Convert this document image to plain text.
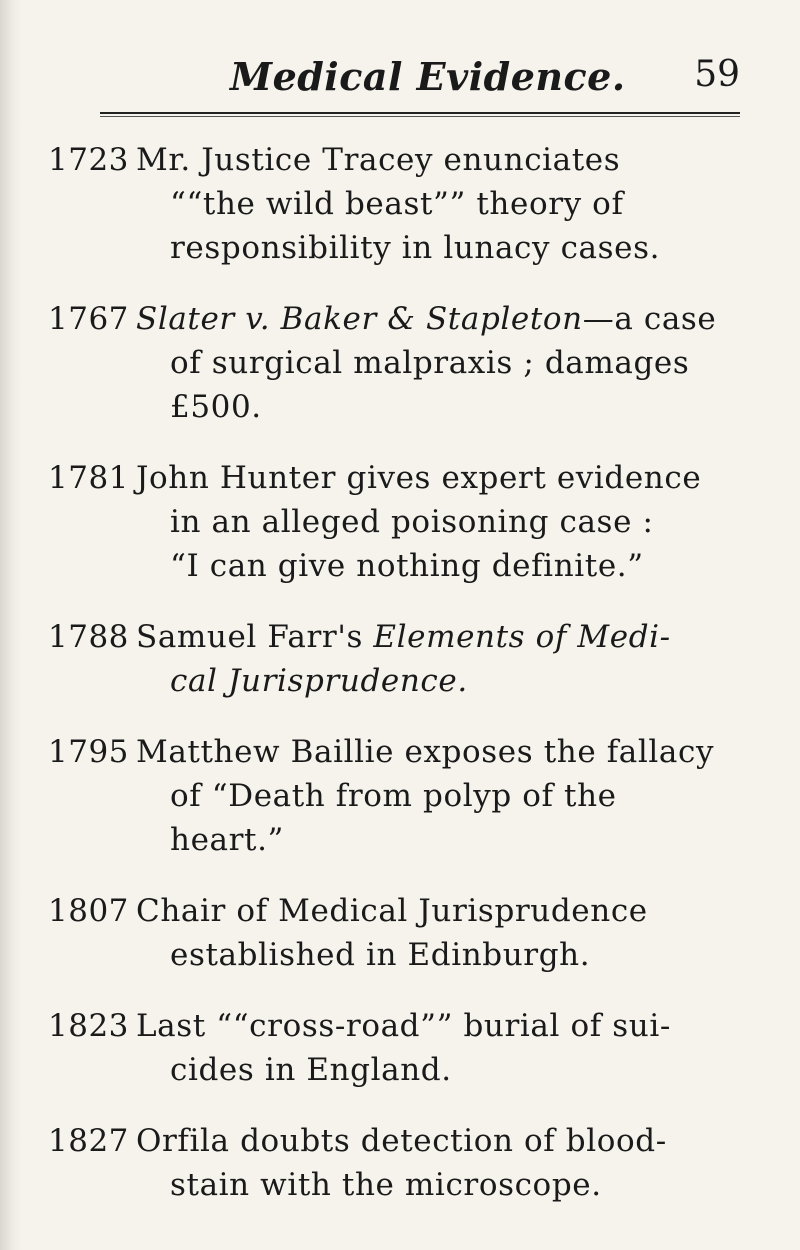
Medical Evidence. 59
1723 Mr. Justice Tracey enunciates
““the wild beast”” theory of
responsibility in lunacy cases.
1767 Slater v. Baker & Stapleton—a case
of surgical malpraxis ; damages
£500.
1781 John Hunter gives expert evidence
in an alleged poisoning case :
“I can give nothing definite.”
1788 Samuel Farr's Elements of Medi-
cal Jurisprudence.
1795 Matthew Baillie exposes the fallacy
of “Death from polyp of the
heart.”
1807 Chair of Medical Jurisprudence
established in Edinburgh.
1823 Last ““cross-road”” burial of sui-
cides in England.
1827 Orfila doubts detection of blood-
stain with the microscope.
